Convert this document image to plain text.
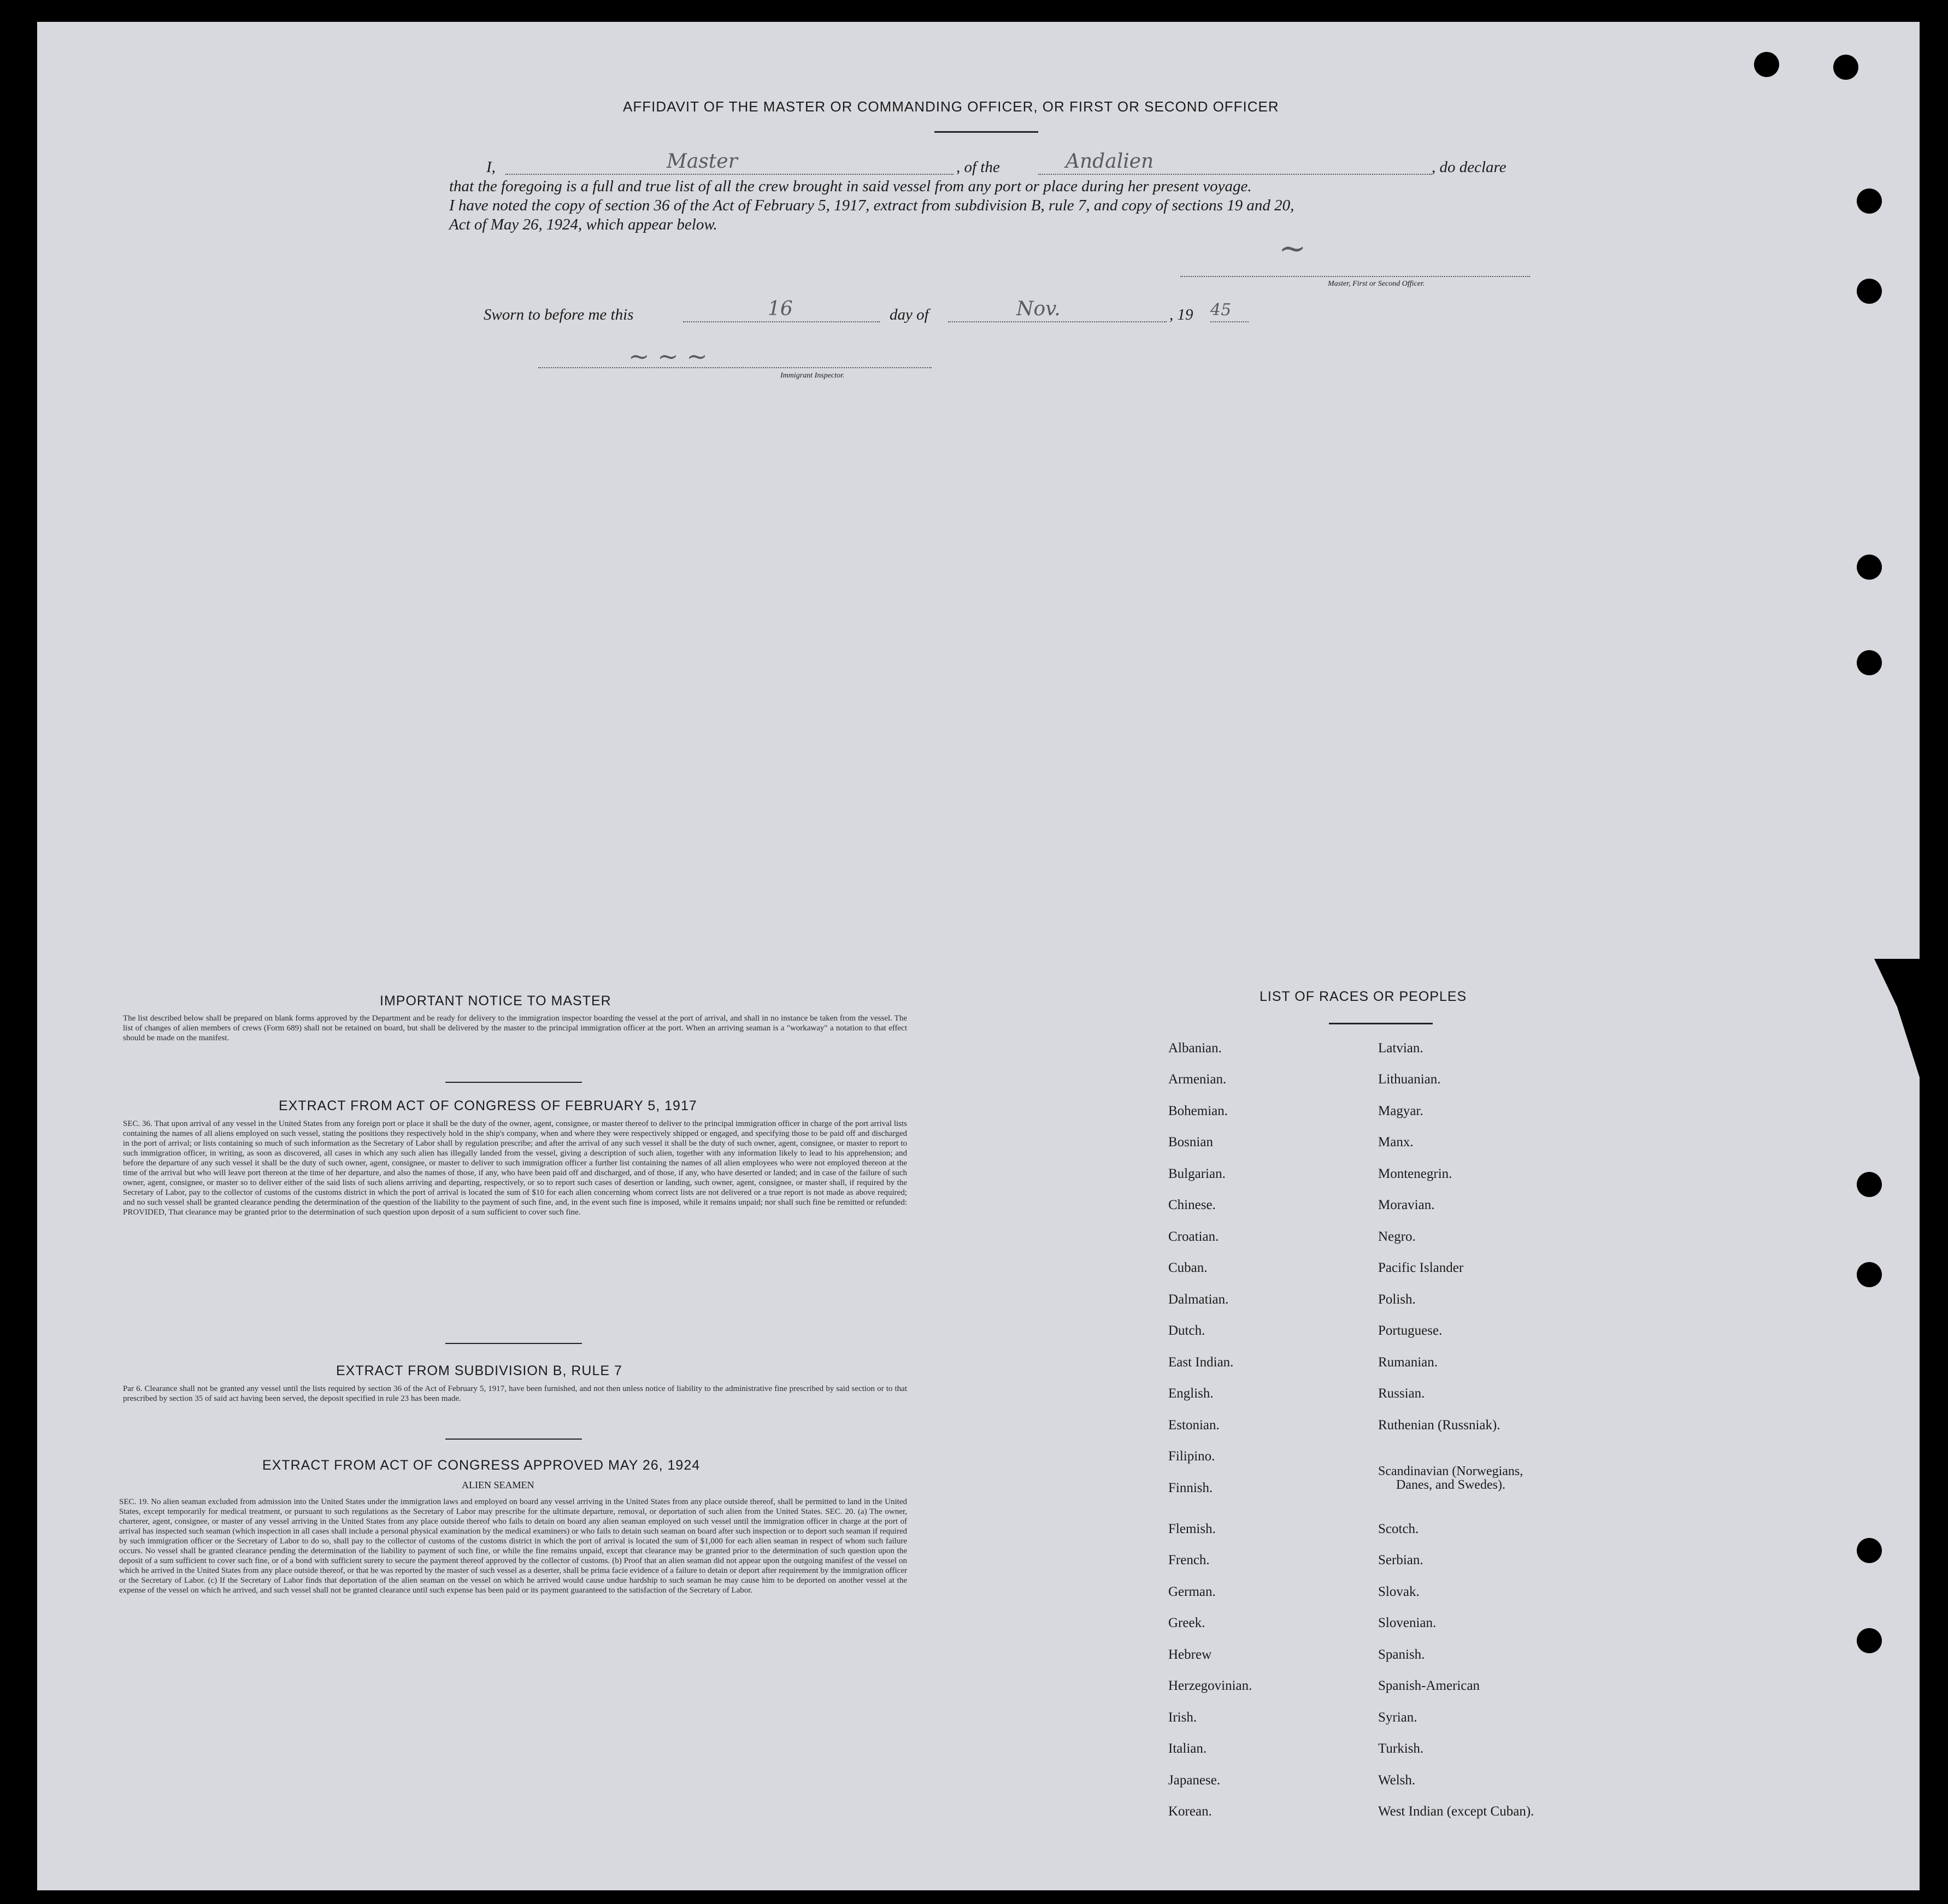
AFFIDAVIT OF THE MASTER OR COMMANDING OFFICER, OR FIRST OR SECOND OFFICER
I,	Master	, of the	Andalien	, do declare
that the foregoing is a full and true list of all the crew brought in said vessel from any port or place during her present voyage.
I have noted the copy of section 36 of the Act of February 5, 1917, extract from subdivision B, rule 7, and copy of sections 19 and 20,
Act of May 26, 1924, which appear below.
~
Master, First or Second Officer.
Sworn to before me this	16	day of	Nov.	, 19 45
~ ~ ~
Immigrant Inspector.
IMPORTANT NOTICE TO MASTER
The list described below shall be prepared on blank forms approved by the Department and be ready for delivery to the immigration inspector boarding the vessel at the port of arrival, and shall in no instance be taken from the vessel. The list of changes of alien members of crews (Form 689) shall not be retained on board, but shall be delivered by the master to the principal immigration officer at the port. When an arriving seaman is a "workaway" a notation to that effect should be made on the manifest.
EXTRACT FROM ACT OF CONGRESS OF FEBRUARY 5, 1917
SEC. 36. That upon arrival of any vessel in the United States from any foreign port or place it shall be the duty of the owner, agent, consignee, or master thereof to deliver to the principal immigration officer in charge of the port arrival lists containing the names of all aliens employed on such vessel, stating the positions they respectively hold in the ship's company, when and where they were respectively shipped or engaged, and specifying those to be paid off and discharged in the port of arrival; or lists containing so much of such information as the Secretary of Labor shall by regulation prescribe; and after the arrival of any such vessel it shall be the duty of such owner, agent, consignee, or master to report to such immigration officer, in writing, as soon as discovered, all cases in which any such alien has illegally landed from the vessel, giving a description of such alien, together with any information likely to lead to his apprehension; and before the departure of any such vessel it shall be the duty of such owner, agent, consignee, or master to deliver to such immigration officer a further list containing the names of all alien employees who were not employed thereon at the time of the arrival but who will leave port thereon at the time of her departure, and also the names of those, if any, who have been paid off and discharged, and of those, if any, who have deserted or landed; and in case of the failure of such owner, agent, consignee, or master so to deliver either of the said lists of such aliens arriving and departing, respectively, or so to report such cases of desertion or landing, such owner, agent, consignee, or master shall, if required by the Secretary of Labor, pay to the collector of customs of the customs district in which the port of arrival is located the sum of $10 for each alien concerning whom correct lists are not delivered or a true report is not made as above required; and no such vessel shall be granted clearance pending the determination of the question of the liability to the payment of such fine, and, in the event such fine is imposed, while it remains unpaid; nor shall such fine be remitted or refunded: PROVIDED, That clearance may be granted prior to the determination of such question upon deposit of a sum sufficient to cover such fine.
EXTRACT FROM SUBDIVISION B, RULE 7
Par 6. Clearance shall not be granted any vessel until the lists required by section 36 of the Act of February 5, 1917, have been furnished, and not then unless notice of liability to the administrative fine prescribed by said section or to that prescribed by section 35 of said act having been served, the deposit specified in rule 23 has been made.
EXTRACT FROM ACT OF CONGRESS APPROVED MAY 26, 1924
ALIEN SEAMEN
SEC. 19. No alien seaman excluded from admission into the United States under the immigration laws and employed on board any vessel arriving in the United States from any place outside thereof, shall be permitted to land in the United States, except temporarily for medical treatment, or pursuant to such regulations as the Secretary of Labor may prescribe for the ultimate departure, removal, or deportation of such alien from the United States. SEC. 20. (a) The owner, charterer, agent, consignee, or master of any vessel arriving in the United States from any place outside thereof who fails to detain on board any alien seaman employed on such vessel until the immigration officer in charge at the port of arrival has inspected such seaman (which inspection in all cases shall include a personal physical examination by the medical examiners) or who fails to detain such seaman on board after such inspection or to deport such seaman if required by such immigration officer or the Secretary of Labor to do so, shall pay to the collector of customs of the customs district in which the port of arrival is located the sum of $1,000 for each alien seaman in respect of whom such failure occurs. No vessel shall be granted clearance pending the determination of the liability to payment of such fine, or while the fine remains unpaid, except that clearance may be granted prior to the determination of such question upon the deposit of a sum sufficient to cover such fine, or of a bond with sufficient surety to secure the payment thereof approved by the collector of customs. (b) Proof that an alien seaman did not appear upon the outgoing manifest of the vessel on which he arrived in the United States from any place outside thereof, or that he was reported by the master of such vessel as a deserter, shall be prima facie evidence of a failure to detain or deport after requirement by the immigration officer or the Secretary of Labor. (c) If the Secretary of Labor finds that deportation of the alien seaman on the vessel on which he arrived would cause undue hardship to such seaman he may cause him to be deported on another vessel at the expense of the vessel on which he arrived, and such vessel shall not be granted clearance until such expense has been paid or its payment guaranteed to the satisfaction of the Secretary of Labor.
LIST OF RACES OR PEOPLES
Albanian.
Armenian.
Bohemian.
Bosnian
Bulgarian.
Chinese.
Croatian.
Cuban.
Dalmatian.
Dutch.
East Indian.
English.
Estonian.
Filipino.
Finnish.
Flemish.
French.
German.
Greek.
Hebrew
Herzegovinian.
Irish.
Italian.
Japanese.
Korean.
Latvian.
Lithuanian.
Magyar.
Manx.
Montenegrin.
Moravian.
Negro.
Pacific Islander
Polish.
Portuguese.
Rumanian.
Russian.
Ruthenian (Russniak).
Scandinavian (Norwegians,
Danes, and Swedes).
Scotch.
Serbian.
Slovak.
Slovenian.
Spanish.
Spanish-American
Syrian.
Turkish.
Welsh.
West Indian (except Cuban).
